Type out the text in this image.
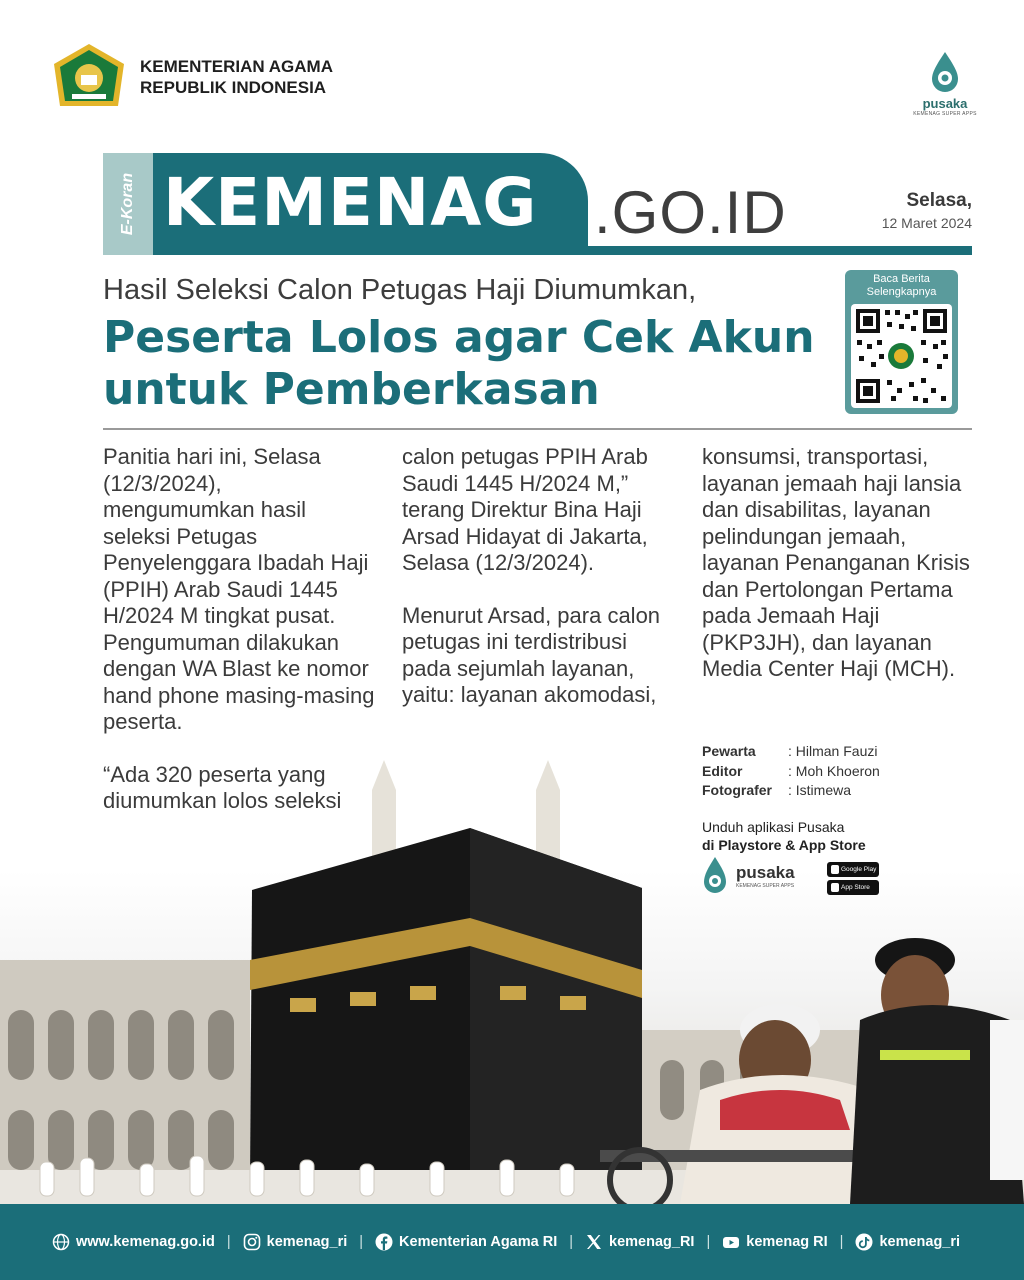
KEMENTERIAN AGAMA
REPUBLIK INDONESIA
pusaka
KEMENAG SUPER APPS
E-Koran KEMENAG .GO.ID	Selasa,
12 Maret 2024
Hasil Seleksi Calon Petugas Haji Diumumkan,
Peserta Lolos agar Cek Akun untuk Pemberkasan
Baca Berita
Selengkapnya

Panitia hari ini, Selasa (12/3/2024), mengumumkan hasil seleksi Petugas Penyelenggara Ibadah Haji (PPIH) Arab Saudi 1445 H/2024 M tingkat pusat. Pengumuman dilakukan dengan WA Blast ke nomor hand phone masing-masing peserta.

“Ada 320 peserta yang diumumkan lolos seleksi

calon petugas PPIH Arab Saudi 1445 H/2024 M,” terang Direktur Bina Haji Arsad Hidayat di Jakarta, Selasa (12/3/2024).

Menurut Arsad, para calon petugas ini terdistribusi pada sejumlah layanan, yaitu: layanan akomodasi,

konsumsi, transportasi, layanan jemaah haji lansia dan disabilitas, layanan pelindungan jemaah, layanan Penanganan Krisis dan Pertolongan Pertama pada Jemaah Haji (PKP3JH), dan layanan Media Center Haji (MCH).

Pewarta	: Hilman Fauzi
Editor	: Moh Khoeron
Fotografer	: Istimewa
Unduh aplikasi Pusaka
di Playstore & App Store
pusaka
KEMENAG SUPER APPS
Google Play
App Store
www.kemenag.go.id | kemenag_ri | Kementerian Agama RI | kemenag_RI | kemenag RI | kemenag_ri
